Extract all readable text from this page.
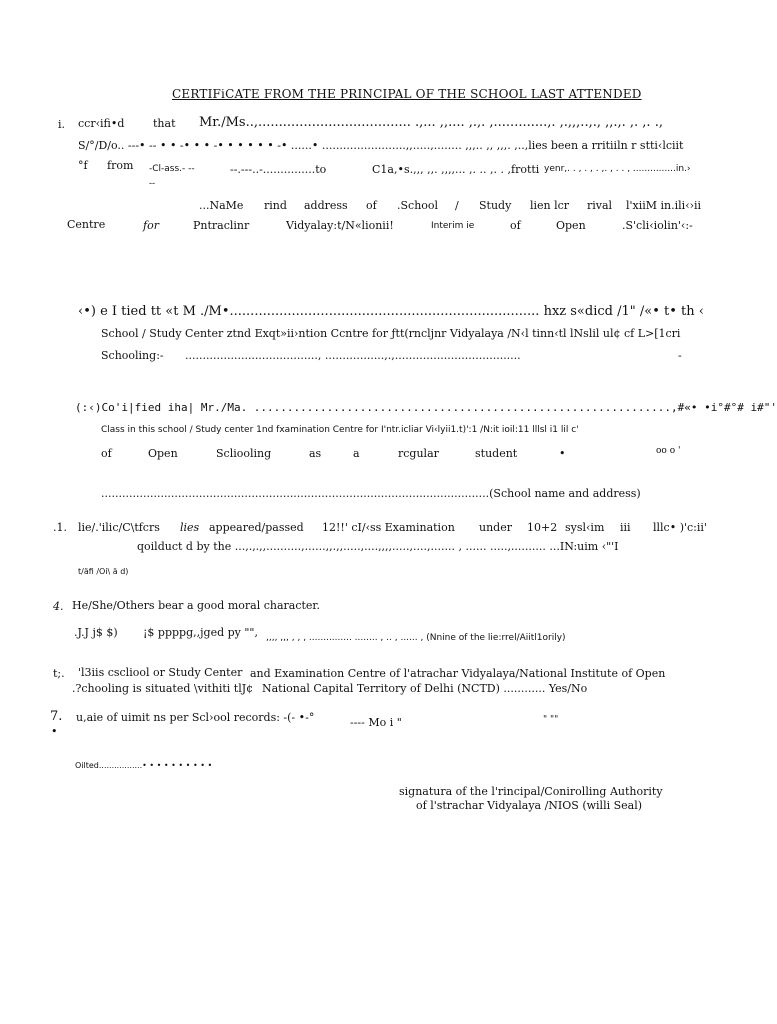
CERTIFiCATE FROM THE PRINCIPAL OF THE SCHOOL LAST ATTENDED
i. ccr‹ifi•d	that Mr./Ms..,..................................... .,... ,,.... ,.,. ,.............,. ,.,,,..,., ,,.,. ,. ,. .,
S/°/D/o.. ---• -- • • -• • • -• • • • • • -• ......• ........................,,.....,........ ,,,.. ,, ,,,. ,..,lies been a rritiiln r stti‹lciit
°f from -Cl-ass.- --	--.---..-...............to	C1a,•s.,,, ,,. ,,,,... ,. .. ,. . ,frotti yenr,. . , . , . ,. , . . , ...............in.›
--
...NaMe rind address of .School / Study lien lcr rival l'xiiM in.ili‹›ii
Centre	for	Pntraclinr	Vidyalay:t/N«lionii!	Interim ie	of	Open	.S'cli‹iolin'‹:-
‹•) e I tied tt «t M ./M•........................................................................... hxz s«dicd /1" /«• t• th ‹
School / Study Center ztnd Exqt»ii›ntion Ccntre for ƒtt(rncljnr Vidyalaya /N‹l tinn‹tl lNslil ul¢ cf L>[1cri
Schooling:- ......................................, .................,.,....................................	-
(:‹)Co'i|fied iha| Mr./Ma. ...............................................................,#«• •i°#°# i#"'
Class in this school / Study center 1nd fxamination Centre for I'ntr.icliar Vi‹lyii1.t)':1 /N:it ioil:11 lllsl i1 lil c'
of	Open	Scliooling	as	a	rcgular	student	•	oo o '
...............................................................................................................(School name and address)
.1. lie/.'ilic/C\tfcrs lies appeared/passed 12!!' cI/‹ss Examination under 10+2 sysl‹im iii lllc• )'c:ii'
qoilduct d by the ...,.,.,,..........,......,,.,,.....,....,,,,.....,....,....... , ...... .....,.......... ...IN:uim ‹"'I
t/äfi /Oi\ ä d)
4. He/She/Others bear a good moral character.
.J.J j$ $) ¡$ ppppg,,jged py "", ,,,, ,,, , , , ............... ........ , .. , ...... , (Nnine of the lie:rrel/Aiitl1orily)
t;. 'l3iis cscliool or Study Center and Examination Centre of l'atrachar Vidyalaya/National Institute of Open
.?chooling is situated \vithiti tlJ¢ National Capital Territory of Delhi (NCTD) ............ Yes/No
7. u,aie of uimit ns per Scl›ool records: -(- •-°	---- Mo i "	" ""
•
Oilted.................• • • • • • • • • •
signatura of the l'rincipal/Conirolling Authority
of l'strachar Vidyalaya /NIOS (willi Seal)
